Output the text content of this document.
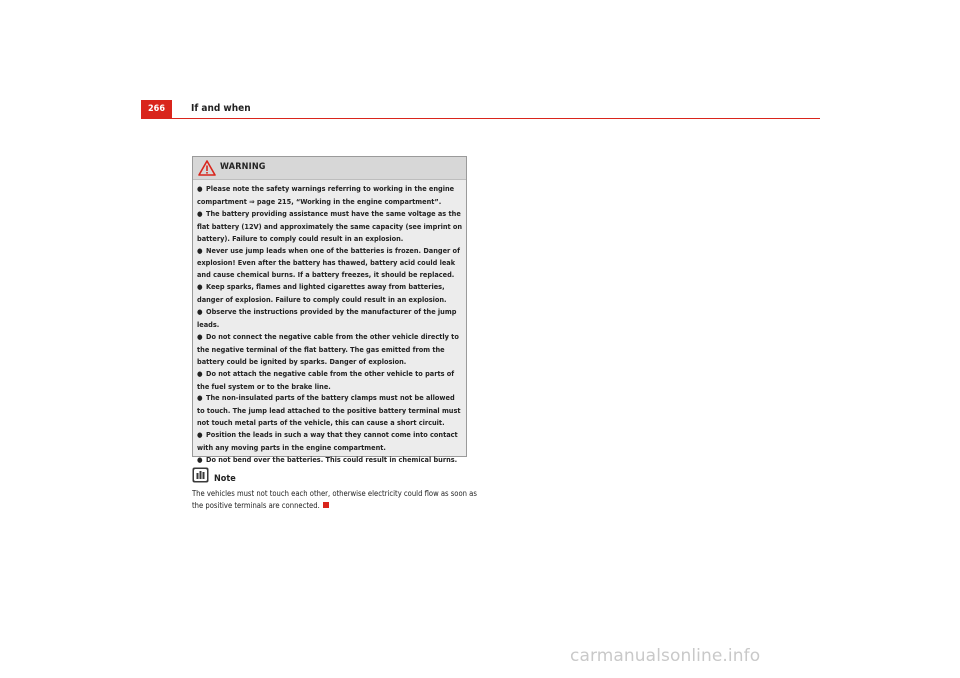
266	If and when
WARNING
● Please note the safety warnings referring to working in the engine compartment ⇒ page 215, “Working in the engine compartment”.
● The battery providing assistance must have the same voltage as the flat battery (12V) and approximately the same capacity (see imprint on battery). Failure to comply could result in an explosion.
● Never use jump leads when one of the batteries is frozen. Danger of explosion! Even after the battery has thawed, battery acid could leak and cause chemical burns. If a battery freezes, it should be replaced.
● Keep sparks, flames and lighted cigarettes away from batteries, danger of explosion. Failure to comply could result in an explosion.
● Observe the instructions provided by the manufacturer of the jump leads.
● Do not connect the negative cable from the other vehicle directly to the negative terminal of the flat battery. The gas emitted from the battery could be ignited by sparks. Danger of explosion.
● Do not attach the negative cable from the other vehicle to parts of the fuel system or to the brake line.
● The non-insulated parts of the battery clamps must not be allowed to touch. The jump lead attached to the positive battery terminal must not touch metal parts of the vehicle, this can cause a short circuit.
● Position the leads in such a way that they cannot come into contact with any moving parts in the engine compartment.
● Do not bend over the batteries. This could result in chemical burns.
Note

The vehicles must not touch each other, otherwise electricity could flow as soon as the positive terminals are connected.

carmanualsonline.info
